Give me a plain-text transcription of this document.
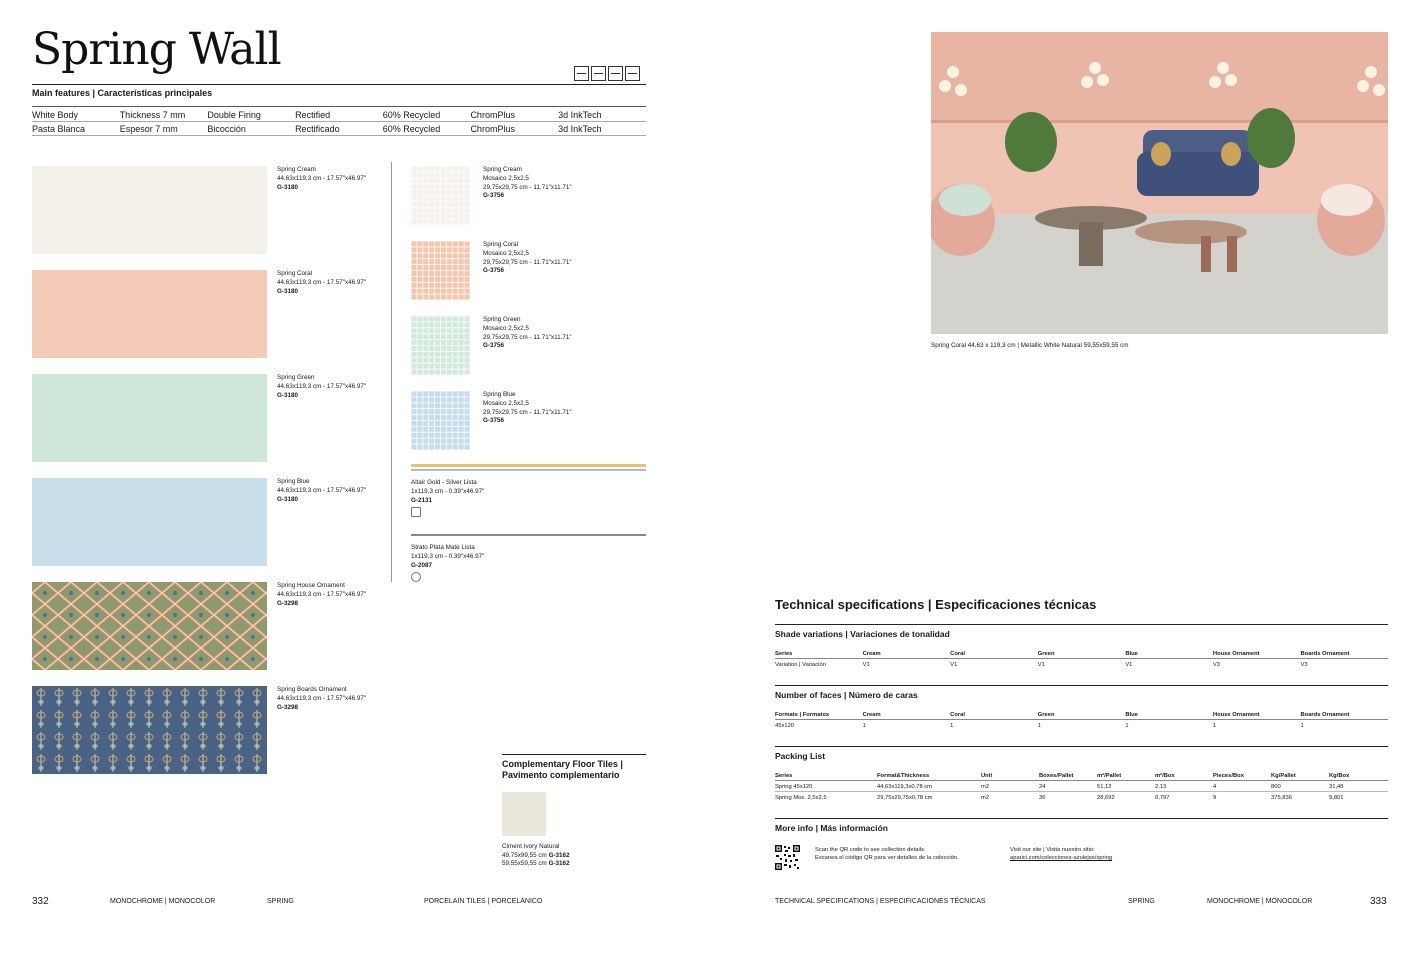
Spring Wall
Main features | Características principales
White Body	Thickness 7 mm	Double Firing	Rectified	60% Recycled	ChromPlus	3d InkTech
Pasta Blanca	Espesor 7 mm	Bicocción	Rectificado	60% Recycled	ChromPlus	3d InkTech
Spring Cream
44,63x119,3 cm - 17.57"x46.97"
G-3180
Spring Coral
44,63x119,3 cm - 17.57"x46.97"
G-3180
Spring Green
44,63x119,3 cm - 17.57"x46.97"
G-3180
Spring Blue
44,63x119,3 cm - 17.57"x46.97"
G-3180
Spring House Ornament
44,63x119,3 cm - 17.57"x46.97"
G-3298
Spring Boards Ornament
44,63x119,3 cm - 17.57"x46.97"
G-3298
Spring Cream
Mosaico 2,5x2,5
29,75x29,75 cm - 11.71"x11.71"
G-3756
Spring Coral
Mosaico 2,5x2,5
29,75x29,75 cm - 11.71"x11.71"
G-3756
Spring Green
Mosaico 2,5x2,5
29,75x29,75 cm - 11.71"x11.71"
G-3756
Spring Blue
Mosaico 2,5x2,5
29,75x29,75 cm - 11.71"x11.71"
G-3756
Altair Gold - Silver Lista
1x119,3 cm - 0.39"x46.97"
G-2131
Strato Plata Mate Lista
1x119,3 cm - 0.39"x46.97"
G-2087
Complementary Floor Tiles |
Pavimento complementario
Ciment Ivory Natural
49,75x99,55 cm G-3162
59,55x59,55 cm G-3162
332	MONOCHROME | MONOCOLOR	SPRING	PORCELAIN TILES | PORCELANICO
Spring Coral 44,63 x 119,3 cm | Metallic White Natural 59,55x59,55 cm
Technical specifications | Especificaciones técnicas
Shade variations | Variaciones de tonalidad
Series	Cream	Coral	Green	Blue	House Ornament	Boards Ornament
Variation | Variación	V1	V1	V1	V1	V3	V3
Number of faces | Número de caras
Formats | Formatos	Cream	Coral	Green	Blue	House Ornament	Boards Ornament
45x120	1	1	1	1	1	1
Packing List
Series	Format&Thickness	Unit	Boxes/Pallet	m²/Pallet	m²/Box	Pieces/Box	Kg/Pallet	Kg/Box
Spring 45x120	44,63x119,3x0,78 cm	m2	24	51,12	2,13	4	800	31,48
Spring Mos. 2,5x2,5	29,75x29,75x0,78 cm	m2	36	28,692	0,797	9	375,836	9,801
More info | Más información
Scan the QR code to see collection details.
Escanea el código QR para ver detalles de la colección.
Visit our site | Visita nuestro sitio:
aparici.com/colecciones-azulejos/spring
TECHNICAL SPECIFICATIONS | ESPECIFICACIONES TÉCNICAS	SPRING	MONOCHROME | MONOCOLOR	333
